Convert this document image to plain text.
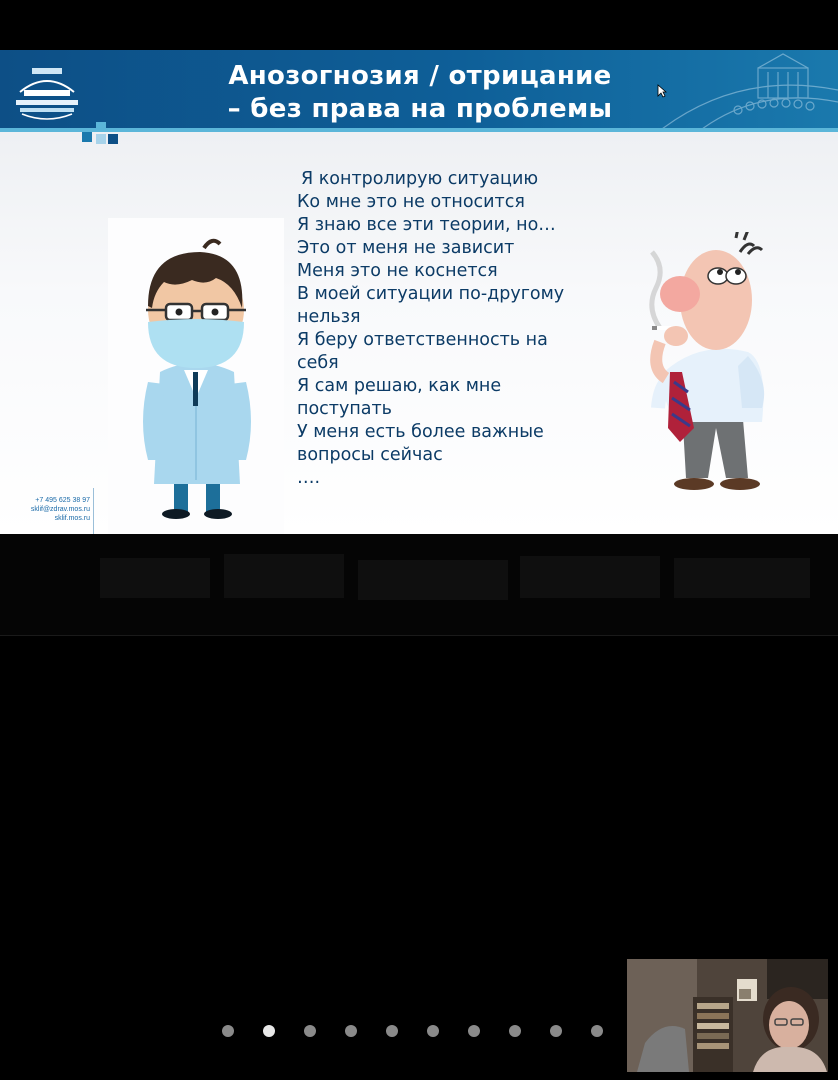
Анозогнозия / отрицание
– без права на проблемы
Я контролирую ситуацию
Ко мне это не относится
Я знаю все эти теории, но…
Это от меня не зависит
Меня это не коснется
В моей ситуации по-другому
нельзя
Я беру ответственность на
себя
Я сам решаю, как мне
поступать
У меня есть более важные
вопросы сейчас
….
+7 495 625 38 97
sklif@zdrav.mos.ru
sklif.mos.ru
